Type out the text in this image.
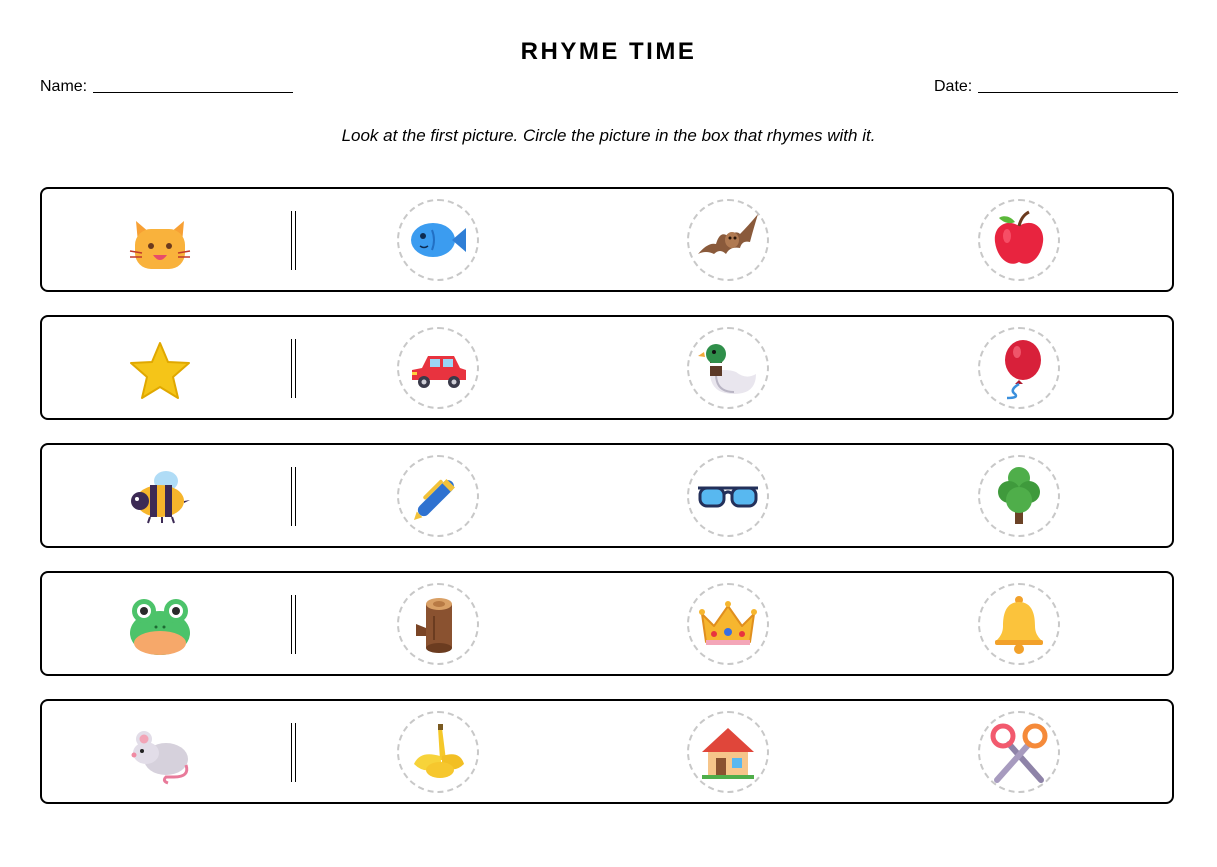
RHYME TIME
Name:	Date:
Look at the first picture. Circle the picture in the box that rhymes with it.
